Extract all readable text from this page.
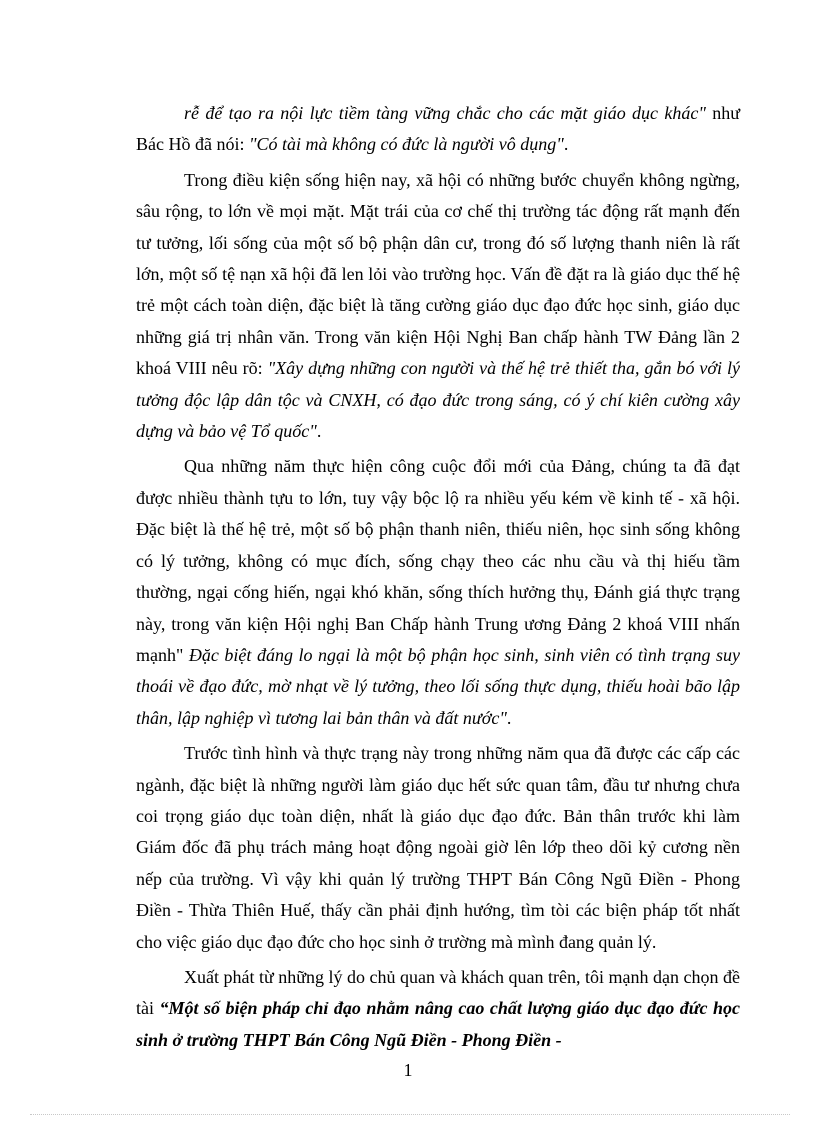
rễ để tạo ra nội lực tiềm tàng vững chắc cho các mặt giáo dục khác" như Bác Hồ đã nói: "Có tài mà không có đức là người vô dụng".

Trong điều kiện sống hiện nay, xã hội có những bước chuyển không ngừng, sâu rộng, to lớn về mọi mặt. Mặt trái của cơ chế thị trường tác động rất mạnh đến tư tưởng, lối sống của một số bộ phận dân cư, trong đó số lượng thanh niên là rất lớn, một số tệ nạn xã hội đã len lỏi vào trường học. Vấn đề đặt ra là giáo dục thế hệ trẻ một cách toàn diện, đặc biệt là tăng cường giáo dục đạo đức học sinh, giáo dục những giá trị nhân văn. Trong văn kiện Hội Nghị Ban chấp hành TW Đảng lần 2 khoá VIII nêu rõ: "Xây dựng những con người và thế hệ trẻ thiết tha, gắn bó với lý tưởng độc lập dân tộc và CNXH, có đạo đức trong sáng, có ý chí kiên cường xây dựng và bảo vệ Tổ quốc".

Qua những năm thực hiện công cuộc đổi mới của Đảng, chúng ta đã đạt được nhiều thành tựu to lớn, tuy vậy bộc lộ ra nhiều yếu kém về kinh tế - xã hội. Đặc biệt là thế hệ trẻ, một số bộ phận thanh niên, thiếu niên, học sinh sống không có lý tưởng, không có mục đích, sống chạy theo các nhu cầu và thị hiếu tầm thường, ngại cống hiến, ngại khó khăn, sống thích hưởng thụ, Đánh giá thực trạng này, trong văn kiện Hội nghị Ban Chấp hành Trung ương Đảng 2 khoá VIII nhấn mạnh" Đặc biệt đáng lo ngại là một bộ phận học sinh, sinh viên có tình trạng suy thoái về đạo đức, mờ nhạt về lý tưởng, theo lối sống thực dụng, thiếu hoài bão lập thân, lập nghiệp vì tương lai bản thân và đất nước".

Trước tình hình và thực trạng này trong những năm qua đã được các cấp các ngành, đặc biệt là những người làm giáo dục hết sức quan tâm, đầu tư nhưng chưa coi trọng giáo dục toàn diện, nhất là giáo dục đạo đức. Bản thân trước khi làm Giám đốc đã phụ trách mảng hoạt động ngoài giờ lên lớp theo dõi kỷ cương nền nếp của trường. Vì vậy khi quản lý trường THPT Bán Công Ngũ Điền - Phong Điền - Thừa Thiên Huế, thấy cần phải định hướng, tìm tòi các biện pháp tốt nhất cho việc giáo dục đạo đức cho học sinh ở trường mà mình đang quản lý.

Xuất phát từ những lý do chủ quan và khách quan trên, tôi mạnh dạn chọn đề tài “Một số biện pháp chỉ đạo nhằm nâng cao chất lượng giáo dục đạo đức học sinh ở trường THPT Bán Công Ngũ Điền - Phong Điền -

1
